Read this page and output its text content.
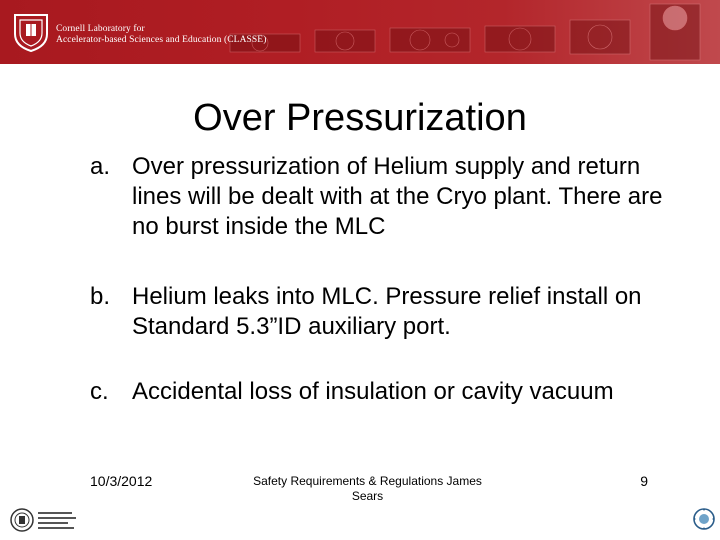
Cornell Laboratory for
Accelerator-based Sciences and Education (CLASSE)
Over Pressurization
a. Over pressurization of Helium supply and return lines will be dealt with at the Cryo plant. There are no burst inside the MLC
b. Helium leaks into MLC. Pressure relief install on Standard 5.3”ID auxiliary port.
c. Accidental loss of insulation or cavity vacuum
10/3/2012	Safety Requirements & Regulations James Sears
9
